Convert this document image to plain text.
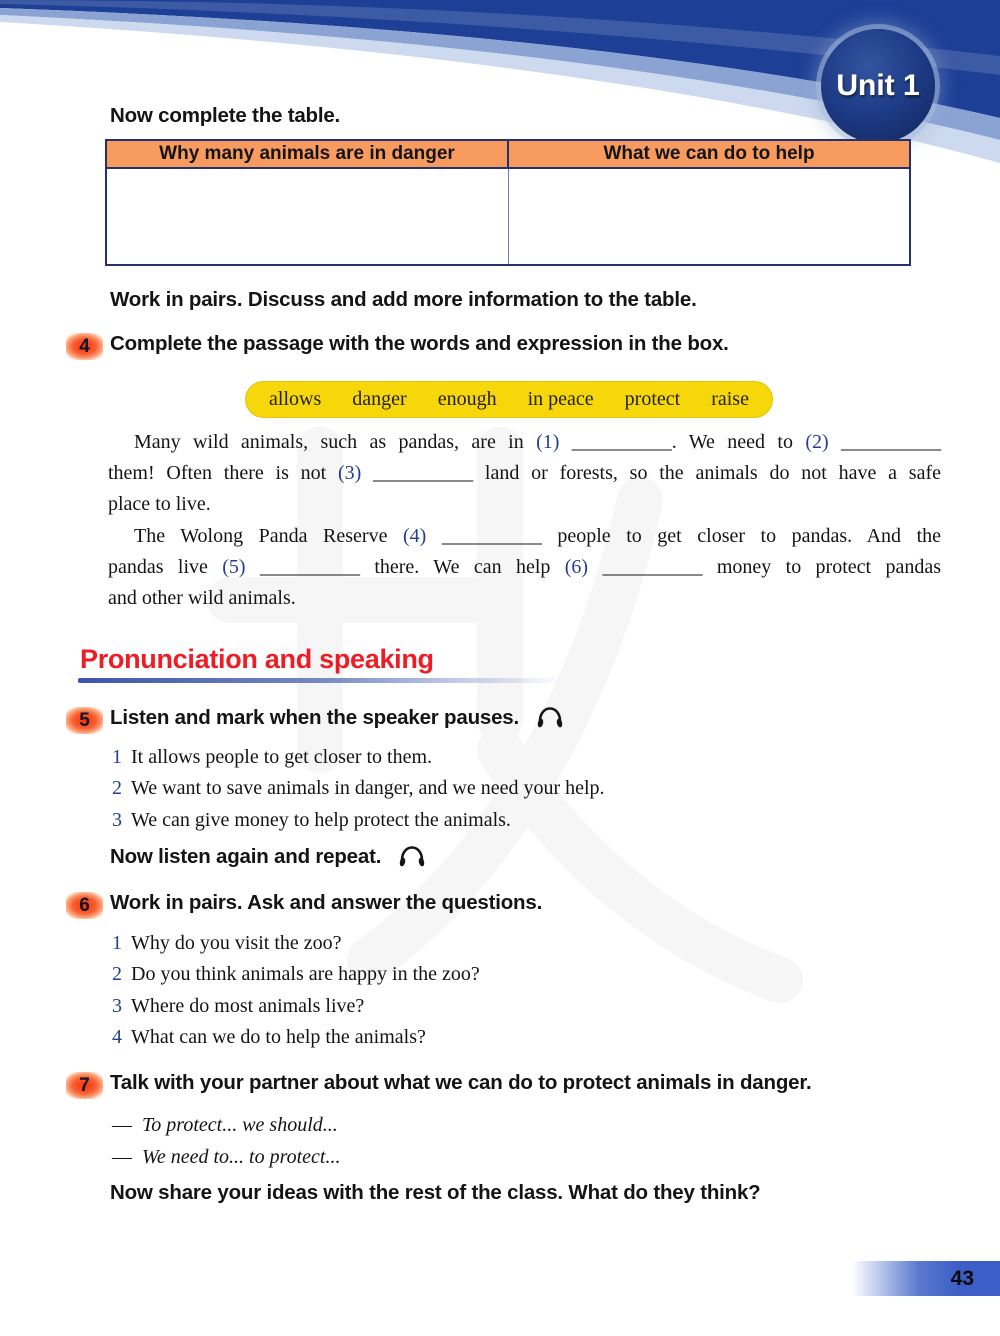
Unit 1
Now complete the table.
Why many animals are in danger	What we can do to help

Work in pairs. Discuss and add more information to the table.
4 Complete the passage with the words and expression in the box.
allows danger enough in peace protect raise
Many wild animals, such as pandas, are in (1) __________. We need to (2) __________
them! Often there is not (3) __________ land or forests, so the animals do not have a safe
place to live.
The Wolong Panda Reserve (4) __________ people to get closer to pandas. And the
pandas live (5) __________ there. We can help (6) __________ money to protect pandas
and other wild animals.
Pronunciation and speaking
5 Listen and mark when the speaker pauses.
1 It allows people to get closer to them.
2 We want to save animals in danger, and we need your help.
3 We can give money to help protect the animals.
Now listen again and repeat.
6 Work in pairs. Ask and answer the questions.
1 Why do you visit the zoo?
2 Do you think animals are happy in the zoo?
3 Where do most animals live?
4 What can we do to help the animals?
7 Talk with your partner about what we can do to protect animals in danger.
— To protect... we should...
— We need to... to protect...
Now share your ideas with the rest of the class. What do they think?
43
